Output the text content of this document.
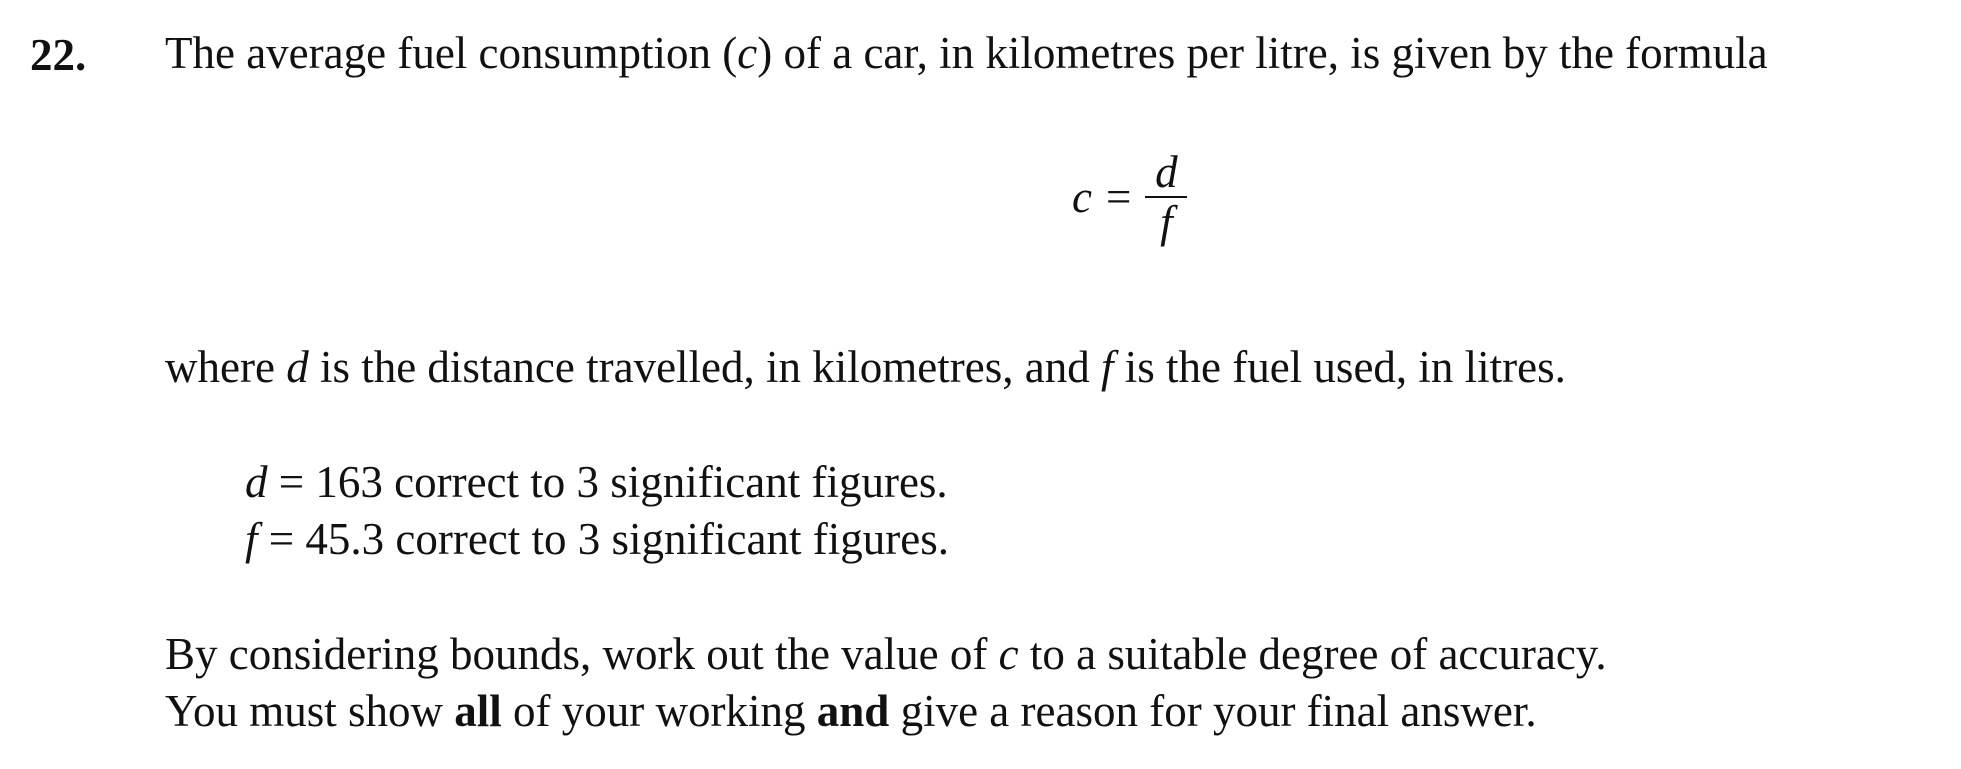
22. The average fuel consumption (c) of a car, in kilometres per litre, is given by the formula
$c = \frac{d}{f}$
where d is the distance travelled, in kilometres, and f is the fuel used, in litres.
d = 163 correct to 3 significant figures.
f = 45.3 correct to 3 significant figures.
By considering bounds, work out the value of c to a suitable degree of accuracy.
You must show all of your working and give a reason for your final answer.
